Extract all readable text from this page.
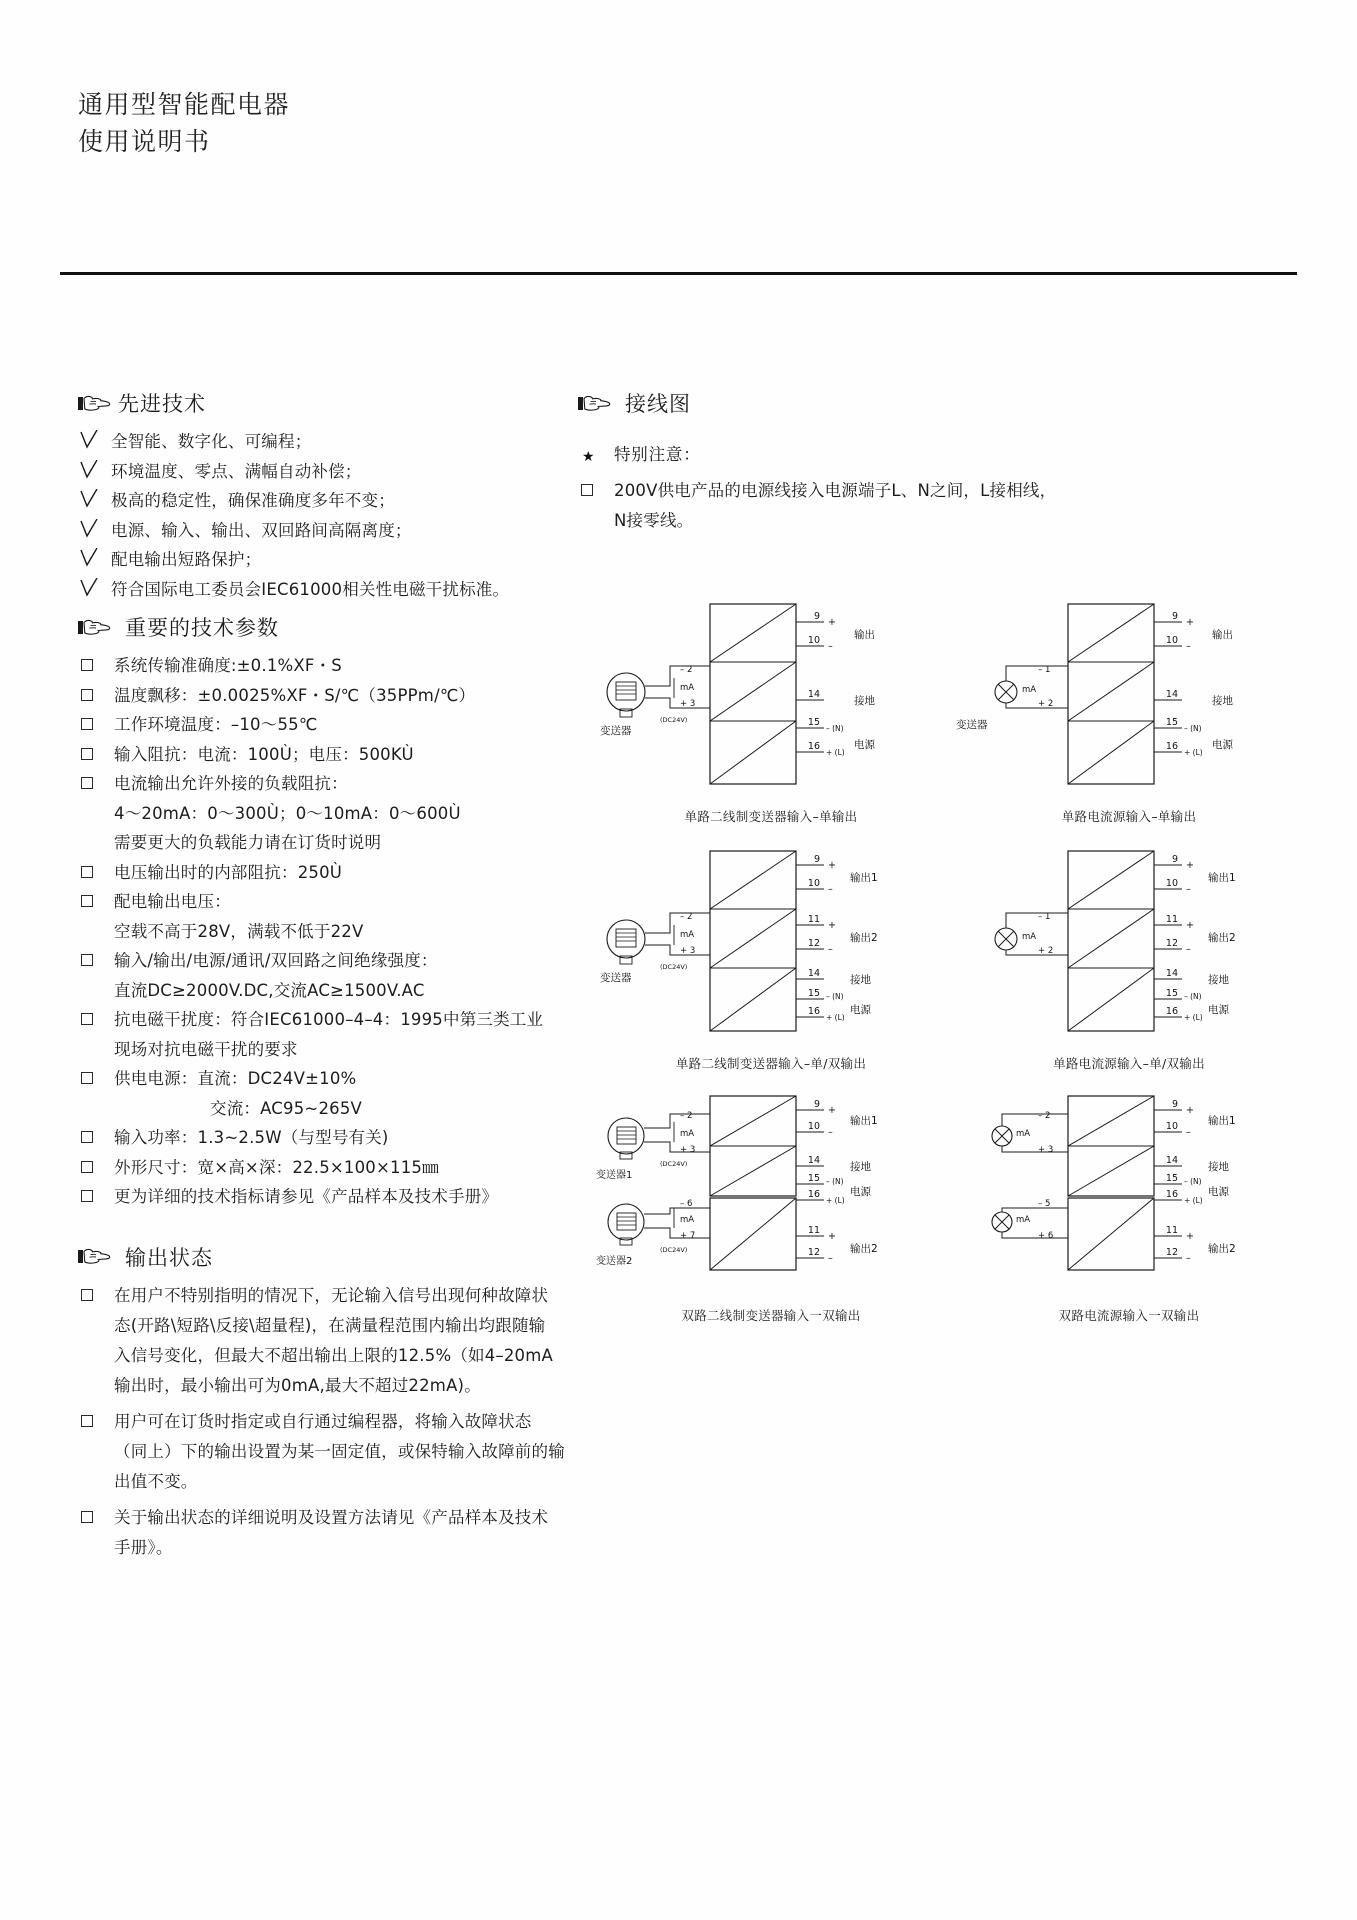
通用型智能配电器
使用说明书
先进技术
全智能、数字化、可编程；
环境温度、零点、满幅自动补偿；
极高的稳定性，确保准确度多年不变；
电源、输入、输出、双回路间高隔离度；
配电输出短路保护；
符合国际电工委员会IEC61000相关性电磁干扰标准。
重要的技术参数
系统传输准确度:±0.1%XF・S
温度飘移：±0.0025%XF・S/℃（35PPm/℃）
工作环境温度：–10～55℃
输入阻抗：电流：100Ù；电压：500KÙ
电流输出允许外接的负载阻抗：
4～20mA：0～300Ù；0～10mA：0～600Ù
需要更大的负载能力请在订货时说明
电压输出时的内部阻抗：250Ù
配电输出电压：
空载不高于28V，满载不低于22V
输入/输出/电源/通讯/双回路之间绝缘强度：
直流DC≥2000V.DC,交流AC≥1500V.AC
抗电磁干扰度：符合IEC61000–4–4：1995中第三类工业
现场对抗电磁干扰的要求
供电电源：直流：DC24V±10%
交流：AC95~265V
输入功率：1.3~2.5W（与型号有关)
外形尺寸：宽×高×深：22.5×100×115㎜
更为详细的技术指标请参见《产品样本及技术手册》
输出状态
在用户不特别指明的情况下，无论输入信号出现何种故障状
态(开路\短路\反接\超量程)，在满量程范围内输出均跟随输
入信号变化，但最大不超出输出上限的12.5%（如4–20mA
输出时，最小输出可为0mA,最大不超过22mA)。
用户可在订货时指定或自行通过编程器，将输入故障状态
（同上）下的输出设置为某一固定值，或保特输入故障前的输
出值不变。
关于输出状态的详细说明及设置方法请见《产品样本及技术
手册》。
接线图
★ 特别注意：
200V供电产品的电源线接入电源端子L、N之间，L接相线，
N接零线。
9
10
14
15
16
+
–
– (N)
+ (L)
输出
接地
电源
– 2
mA
+ 3
(DC24V)
变送器
单路二线制变送器输入–单输出
– 1
mA
+ 2
变送器
9
10
14
15
16
+
–
– (N)
+ (L)
输出
接地
电源
单路电流源输入–单输出
– 2
mA
+ 3
(DC24V)
变送器
9
10
11
12
14
15
16
+
–
+
–
– (N)
+ (L)
输出1
输出2
接地
电源
单路二线制变送器输入–单/双输出
– 1
mA
+ 2
9
10
11
12
14
15
16
+
–
+
–
– (N)
+ (L)
输出1
输出2
接地
电源
单路电流源输入–单/双输出
– 2
mA
+ 3
(DC24V)
变送器1
– 6
mA
+ 7
(DC24V)
变送器2
9
10
14
15
16
+
–
– (N)
+ (L)
输出1
接地
电源
11
12
+
–
输出2
双路二线制变送器输入一双输出
– 2
mA
+ 3
– 5
mA
+ 6
9
10
14
15
16
+
–
– (N)
+ (L)
输出1
接地
电源
11
12
+
–
输出2
双路电流源输入一双输出
